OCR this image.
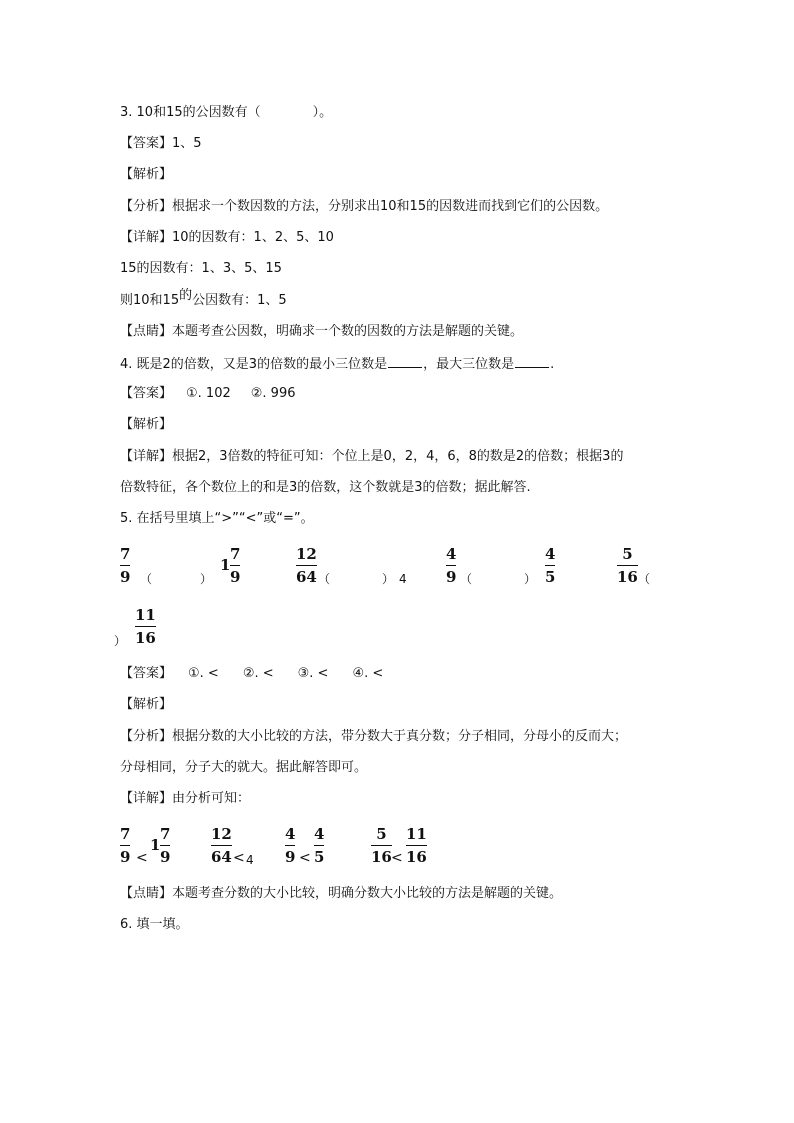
3. 10和15的公因数有（　　　　）。
【答案】1、5
【解析】
【分析】根据求一个数因数的方法，分别求出10和15的因数进而找到它们的公因数。
【详解】10的因数有：1、2、5、10
15的因数有：1、3、5、15
则10和15的公因数有：1、5
【点睛】本题考查公因数，明确求一个数的因数的方法是解题的关键。
4. 既是2的倍数，又是3的倍数的最小三位数是	，最大三位数是	.
【答案】 ①. 102 ②. 996
【解析】
【详解】根据2，3倍数的特征可知：个位上是0，2，4，6，8的数是2的倍数；根据3的
倍数特征，各个数位上的和是3的倍数，这个数就是3的倍数；据此解答.
5. 在括号里填上“>”“<”或“=”。
7
9 （	）
1
7
9
12
64 （	） 4
4
9 （	）
4
5
5
16 （
）
11
16
【答案】 ①. < ②. < ③. < ④. <
【解析】
【分析】根据分数的大小比较的方法，带分数大于真分数；分子相同，分母小的反而大；
分母相同，分子大的就大。据此解答即可。
【详解】由分析可知：
7
9 <
1
7
9
12
64 < 4
4
9 <
4
5
5
16 <
11
16
【点睛】本题考查分数的大小比较，明确分数大小比较的方法是解题的关键。
6. 填一填。
